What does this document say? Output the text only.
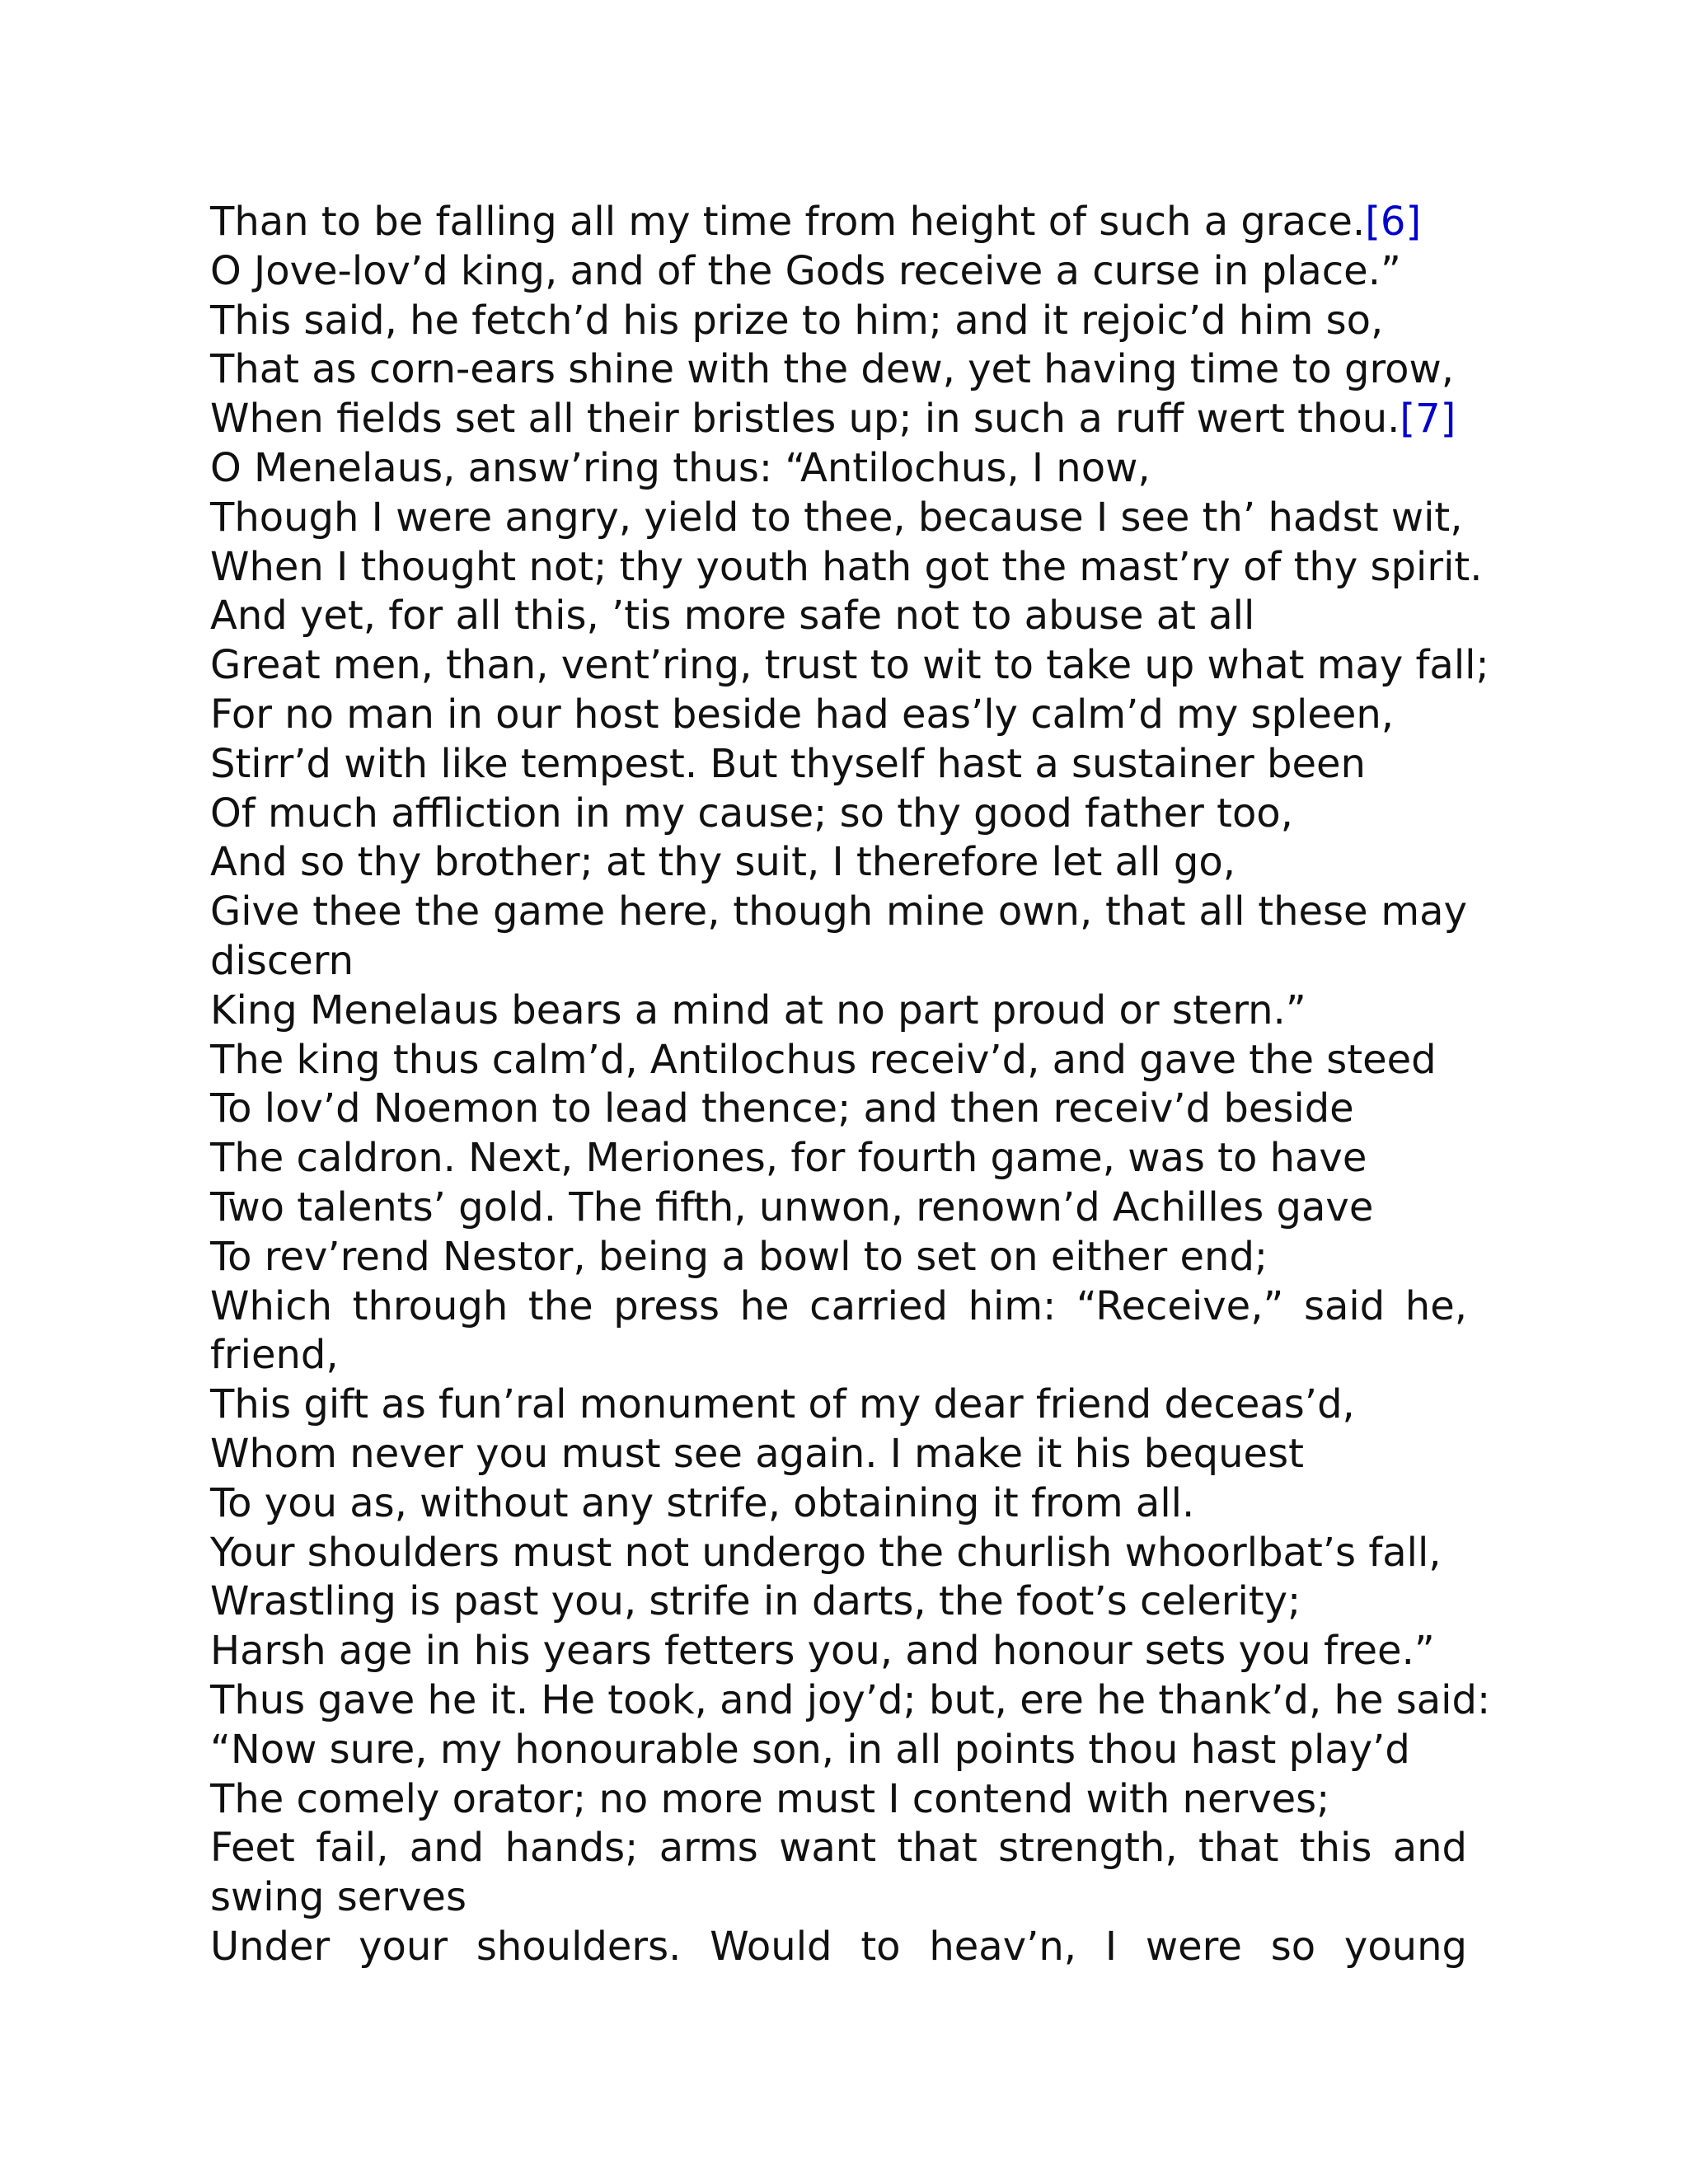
Than to be falling all my time from height of such a grace.[6]
O Jove-lov’d king, and of the Gods receive a curse in place.”
This said, he fetch’d his prize to him; and it rejoic’d him so,
That as corn-ears shine with the dew, yet having time to grow,
When fields set all their bristles up; in such a ruff wert thou.[7]
O Menelaus, answ’ring thus: “Antilochus, I now,
Though I were angry, yield to thee, because I see th’ hadst wit,
When I thought not; thy youth hath got the mast’ry of thy spirit.
And yet, for all this, ’tis more safe not to abuse at all
Great men, than, vent’ring, trust to wit to take up what may fall;
For no man in our host beside had eas’ly calm’d my spleen,
Stirr’d with like tempest. But thyself hast a sustainer been
Of much affliction in my cause; so thy good father too,
And so thy brother; at thy suit, I therefore let all go,
Give thee the game here, though mine own, that all these may
discern
King Menelaus bears a mind at no part proud or stern.”
The king thus calm’d, Antilochus receiv’d, and gave the steed
To lov’d Noemon to lead thence; and then receiv’d beside
The caldron. Next, Meriones, for fourth game, was to have
Two talents’ gold. The fifth, unwon, renown’d Achilles gave
To rev’rend Nestor, being a bowl to set on either end;
Which through the press he carried him: “Receive,” said he,
friend,
This gift as fun’ral monument of my dear friend deceas’d,
Whom never you must see again. I make it his bequest
To you as, without any strife, obtaining it from all.
Your shoulders must not undergo the churlish whoorlbat’s fall,
Wrastling is past you, strife in darts, the foot’s celerity;
Harsh age in his years fetters you, and honour sets you free.”
Thus gave he it. He took, and joy’d; but, ere he thank’d, he said:
“Now sure, my honourable son, in all points thou hast play’d
The comely orator; no more must I contend with nerves;
Feet fail, and hands; arms want that strength, that this and
swing serves
Under your shoulders. Would to heav’n, I were so young
